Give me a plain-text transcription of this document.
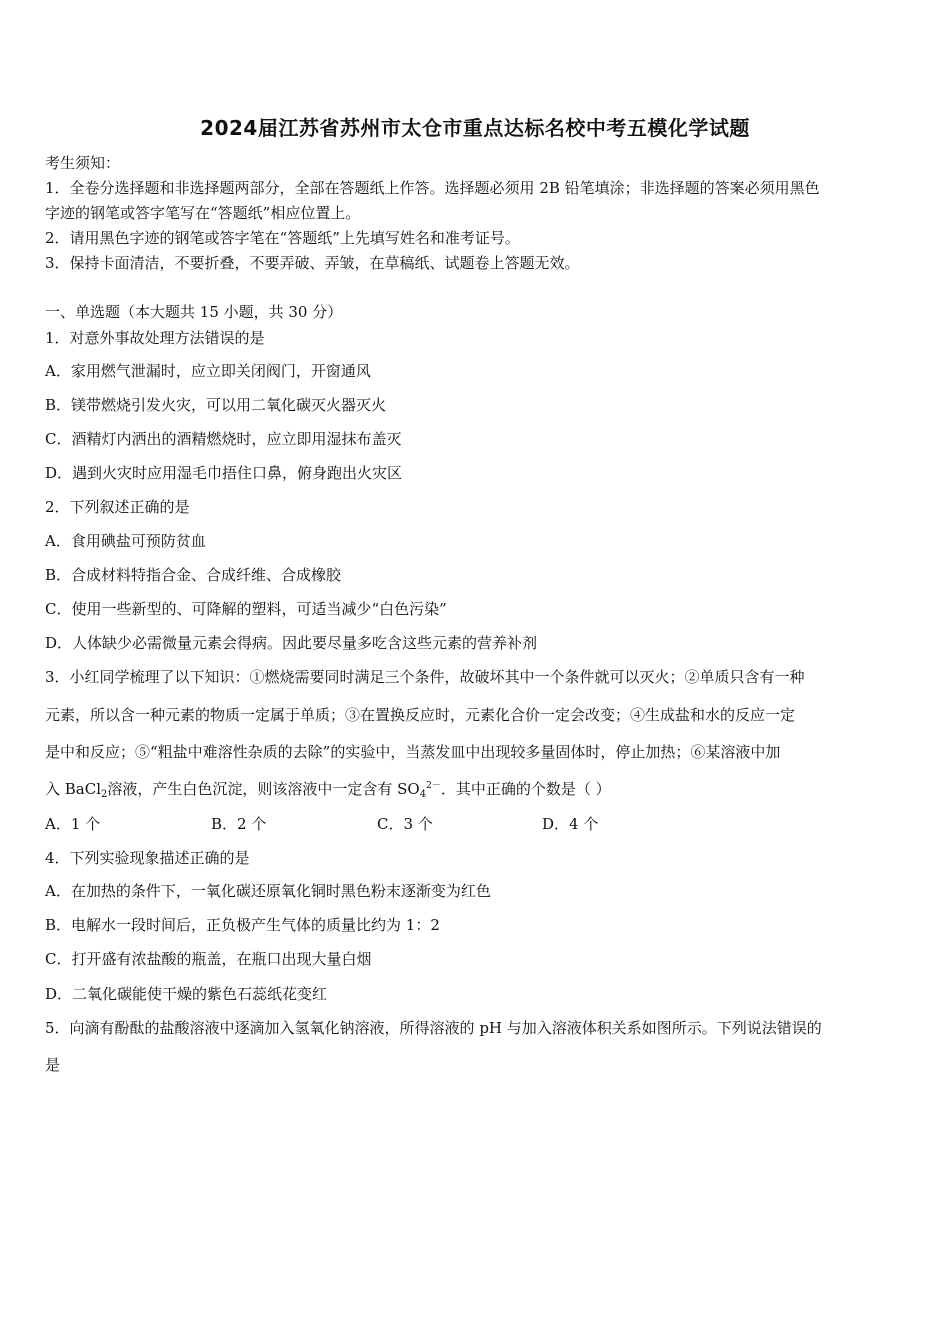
2024届江苏省苏州市太仓市重点达标名校中考五模化学试题
考生须知：
1．全卷分选择题和非选择题两部分，全部在答题纸上作答。选择题必须用 2B 铅笔填涂；非选择题的答案必须用黑色
字迹的钢笔或答字笔写在“答题纸”相应位置上。
2．请用黑色字迹的钢笔或答字笔在“答题纸”上先填写姓名和准考证号。
3．保持卡面清洁，不要折叠，不要弄破、弄皱，在草稿纸、试题卷上答题无效。
一、单选题（本大题共 15 小题，共 30 分）
1．对意外事故处理方法错误的是
A．家用燃气泄漏时，应立即关闭阀门，开窗通风
B．镁带燃烧引发火灾，可以用二氧化碳灭火器灭火
C．酒精灯内洒出的酒精燃烧时，应立即用湿抹布盖灭
D．遇到火灾时应用湿毛巾捂住口鼻，俯身跑出火灾区
2．下列叙述正确的是
A．食用碘盐可预防贫血
B．合成材料特指合金、合成纤维、合成橡胶
C．使用一些新型的、可降解的塑料，可适当减少“白色污染”
D．人体缺少必需微量元素会得病。因此要尽量多吃含这些元素的营养补剂
3．小红同学梳理了以下知识：①燃烧需要同时满足三个条件，故破坏其中一个条件就可以灭火；②单质只含有一种
元素，所以含一种元素的物质一定属于单质；③在置换反应时，元素化合价一定会改变；④生成盐和水的反应一定
是中和反应；⑤“粗盐中难溶性杂质的去除”的实验中，当蒸发皿中出现较多量固体时，停止加热；⑥某溶液中加
入 BaCl$_2$溶液，产生白色沉淀，则该溶液中一定含有 $SO_4^{2-}$．其中正确的个数是（ ）
A．1 个	B．2 个	C．3 个	D．4 个
4．下列实验现象描述正确的是
A．在加热的条件下，一氧化碳还原氧化铜时黑色粉末逐渐变为红色
B．电解水一段时间后，正负极产生气体的质量比约为 1：2
C．打开盛有浓盐酸的瓶盖，在瓶口出现大量白烟
D．二氧化碳能使干燥的紫色石蕊纸花变红
5．向滴有酚酞的盐酸溶液中逐滴加入氢氧化钠溶液，所得溶液的 pH 与加入溶液体积关系如图所示。下列说法错误的
是
